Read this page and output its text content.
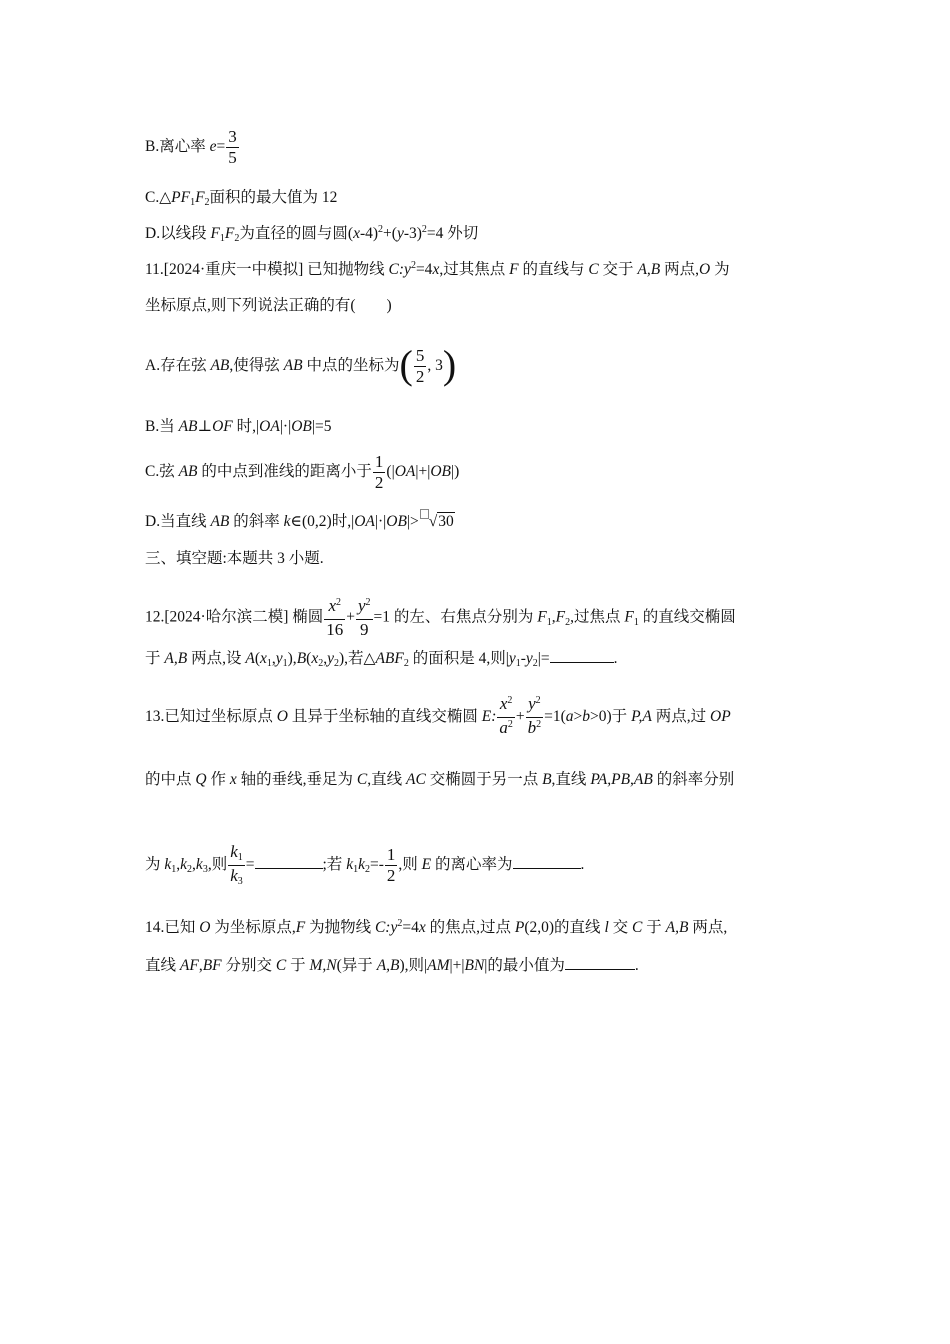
B.离心率 $e= \frac{3}{5}$
C.△PF1F2面积的最大值为 12
D.以线段 F1F2为直径的圆与圆$(x-4)^2+(y-3)^2=4$ 外切
11.[2024·重庆一中模拟] 已知抛物线 $C:y^2=4x$,过其焦点 F 的直线与 C 交于 A,B 两点,O 为
坐标原点,则下列说法正确的有(　　)
A.存在弦 AB,使得弦 AB 中点的坐标为( $\frac{5}{2}$ , 3)
B.当 AB⊥OF 时,|OA|·|OB|=5
C.弦 AB 的中点到准线的距离小于 $\frac{1}{2} (|OA|+|OB|)$
D.当直线 AB 的斜率 k∈(0,2)时,|OA|·|OB|> √30
三、填空题:本题共 3 小题.
12.[2024·哈尔滨二模] 椭圆 $\frac{x^2}{16} + \frac{y^2}{9} =1$ 的左、右焦点分别为 F1,F2,过焦点 F1 的直线交椭圆
于 A,B 两点,设 A(x1,y1),B(x2,y2),若△ABF2 的面积是 4,则|y1-y2|=	.
13.已知过坐标原点 O 且异于坐标轴的直线交椭圆 E: $\frac{x^2}{a^2} + \frac{y^2}{b^2} =1(a>b>0)$于 P,A 两点,过 OP
的中点 Q 作 x 轴的垂线,垂足为 C,直线 AC 交椭圆于另一点 B,直线 PA,PB,AB 的斜率分别
为 k1,k2,k3,则 $\frac{k1}{k3}$ =	;若 $k1k2=- \frac{1}{2}$ ,则 E 的离心率为	.
14.已知 O 为坐标原点,F 为抛物线 $C:y^2=4x$ 的焦点,过点 P(2,0)的直线 l 交 C 于 A,B 两点,
直线 AF,BF 分别交 C 于 M,N(异于 A,B),则|AM|+|BN|的最小值为	.
